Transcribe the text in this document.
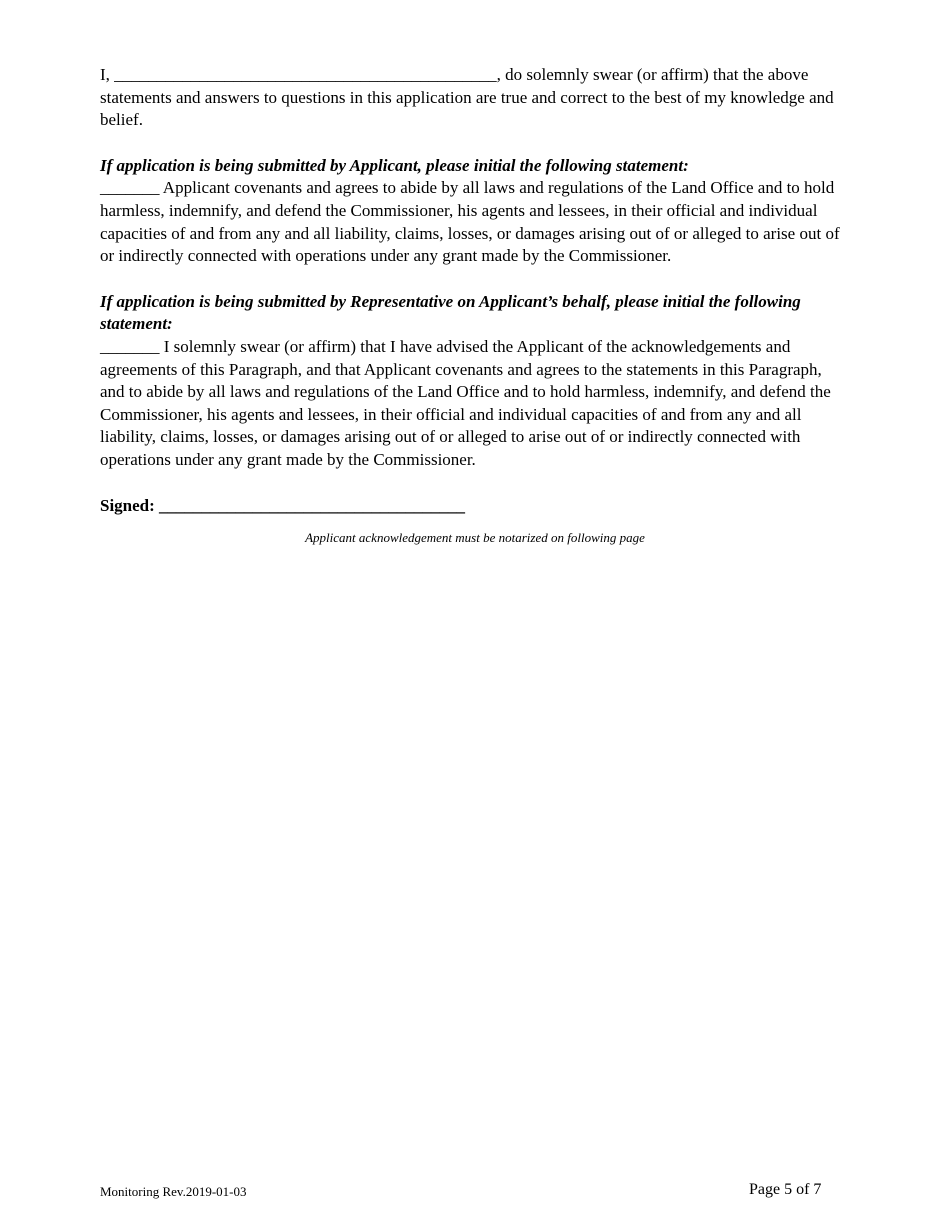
I, _____________________________________________, do solemnly swear (or affirm) that the above statements and answers to questions in this application are true and correct to the best of my knowledge and belief.

If application is being submitted by Applicant, please initial the following statement:

_______ Applicant covenants and agrees to abide by all laws and regulations of the Land Office and to hold harmless, indemnify, and defend the Commissioner, his agents and lessees, in their official and individual capacities of and from any and all liability, claims, losses, or damages arising out of or alleged to arise out of or indirectly connected with operations under any grant made by the Commissioner.

If application is being submitted by Representative on Applicant’s behalf, please initial the following statement:

_______ I solemnly swear (or affirm) that I have advised the Applicant of the acknowledgements and agreements of this Paragraph, and that Applicant covenants and agrees to the statements in this Paragraph, and to abide by all laws and regulations of the Land Office and to hold harmless, indemnify, and defend the Commissioner, his agents and lessees, in their official and individual capacities of and from any and all liability, claims, losses, or damages arising out of or alleged to arise out of or indirectly connected with operations under any grant made by the Commissioner.

Signed: ____________________________________

Applicant acknowledgement must be notarized on following page

Monitoring Rev.2019-01-03	Page 5 of 7
